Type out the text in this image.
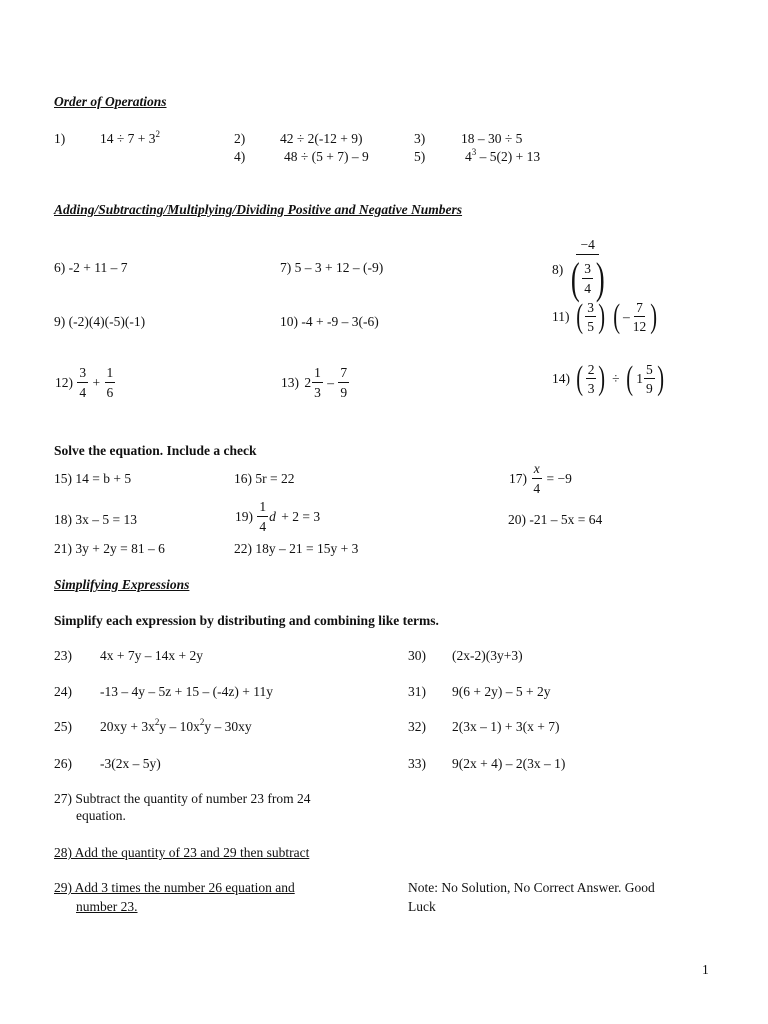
Order of Operations
1)	$14 \div 7 + 3^2$	2)	42 ÷ 2(-12 + 9)	3)	18 – 30 ÷ 5
4)	48 ÷ (5 + 7) – 9	5)	$4^3 - 5(2) + 13$
Adding/Subtracting/Multiplying/Dividing Positive and Negative Numbers
6) -2 + 11 – 7	7) 5 – 3 + 12 – (-9)	$8) \frac{-4}{( \frac{3}{4} )}$
9) (-2)(4)(-5)(-1)	10) -4 + -9 – 3(-6)	11) ( $\frac{3}{5}$ )
( – $\frac{7}{12}$ )
$12) \frac{3}{4} + \frac{1}{6}$	13) $2 \frac{1}{3} - \frac{7}{9}$	14) ( $\frac{2}{3}$ ) ÷ ( $1 \frac{5}{9}$ )
Solve the equation. Include a check
15) 14 = b + 5	16) 5r = 22	$17) \frac{x}{4} = -9$
18) 3x – 5 = 13	$19) \frac{1}{4}$ d + 2 = 3	20) -21 – 5x = 64
21) 3y + 2y = 81 – 6	22) 18y – 21 = 15y + 3
Simplifying Expressions
Simplify each expression by distributing and combining like terms.
23) 4x + 7y – 14x + 2y	30) (2x-2)(3y+3)
24) -13 – 4y – 5z + 15 – (-4z) + 11y	31) 9(6 + 2y) – 5 + 2y
25) $20xy + 3x^2y - 10x^2y - 30xy$	32) 2(3x – 1) + 3(x + 7)
26) -3(2x – 5y)	33) 9(2x + 4) – 2(3x – 1)
27) Subtract the quantity of number 23 from 24
equation.
28) Add the quantity of 23 and 29 then subtract
29) Add 3 times the number 26 equation and
number 23.
Note: No Solution, No Correct Answer. Good
Luck
1
